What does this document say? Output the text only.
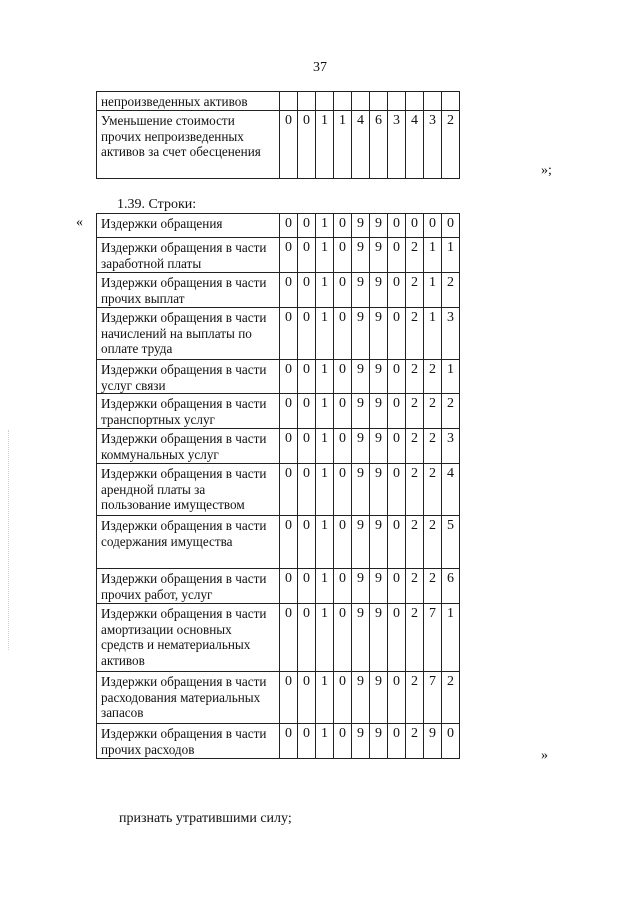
37
непроизведенных активов										
Уменьшение стоимости прочих непроизведенных активов за счет обесценения	0	0	1	1	4	6	3	4	3	2
»;
1.39. Строки:
« Издержки обращения	0	0	1	0	9	9	0	0	0	0
Издержки обращения в части заработной платы	0	0	1	0	9	9	0	2	1	1
Издержки обращения в части прочих выплат	0	0	1	0	9	9	0	2	1	2
Издержки обращения в части начислений на выплаты по оплате труда	0	0	1	0	9	9	0	2	1	3
Издержки обращения в части услуг связи	0	0	1	0	9	9	0	2	2	1
Издержки обращения в части транспортных услуг	0	0	1	0	9	9	0	2	2	2
Издержки обращения в части коммунальных услуг	0	0	1	0	9	9	0	2	2	3
Издержки обращения в части арендной платы за пользование имуществом	0	0	1	0	9	9	0	2	2	4
Издержки обращения в части содержания имущества	0	0	1	0	9	9	0	2	2	5
Издержки обращения в части прочих работ, услуг	0	0	1	0	9	9	0	2	2	6
Издержки обращения в части амортизации основных средств и нематериальных активов	0	0	1	0	9	9	0	2	7	1
Издержки обращения в части расходования материальных запасов	0	0	1	0	9	9	0	2	7	2
Издержки обращения в части прочих расходов	0	0	1	0	9	9	0	2	9	0
»
признать утратившими силу;
